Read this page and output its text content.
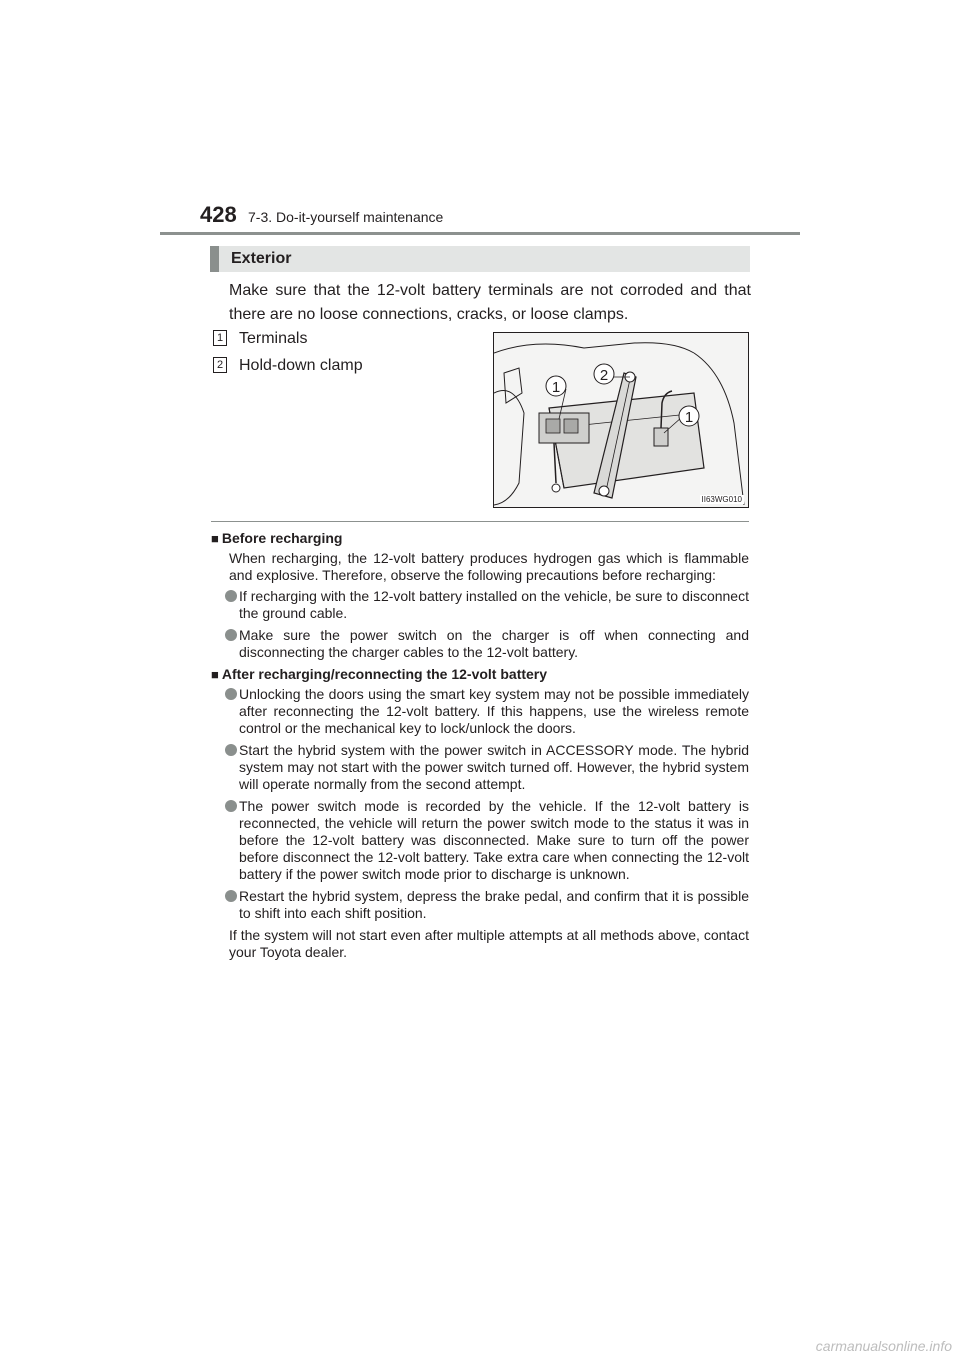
428 7-3. Do-it-yourself maintenance
Exterior
Make sure that the 12-volt battery terminals are not corroded and that there are no loose connections, cracks, or loose clamps.
1 Terminals
2 Hold-down clamp
1
2
1
II63WG010
■ Before recharging
When recharging, the 12-volt battery produces hydrogen gas which is flammable and explosive. Therefore, observe the following precautions before recharging:
If recharging with the 12-volt battery installed on the vehicle, be sure to disconnect the ground cable.
Make sure the power switch on the charger is off when connecting and disconnecting the charger cables to the 12-volt battery.
■ After recharging/reconnecting the 12-volt battery
Unlocking the doors using the smart key system may not be possible immediately after reconnecting the 12-volt battery. If this happens, use the wireless remote control or the mechanical key to lock/unlock the doors.
Start the hybrid system with the power switch in ACCESSORY mode. The hybrid system may not start with the power switch turned off. However, the hybrid system will operate normally from the second attempt.
The power switch mode is recorded by the vehicle. If the 12-volt battery is reconnected, the vehicle will return the power switch mode to the status it was in before the 12-volt battery was disconnected. Make sure to turn off the power before disconnect the 12-volt battery. Take extra care when connecting the 12-volt battery if the power switch mode prior to discharge is unknown.
Restart the hybrid system, depress the brake pedal, and confirm that it is possible to shift into each shift position.
If the system will not start even after multiple attempts at all methods above, contact your Toyota dealer.
carmanualsonline.info
